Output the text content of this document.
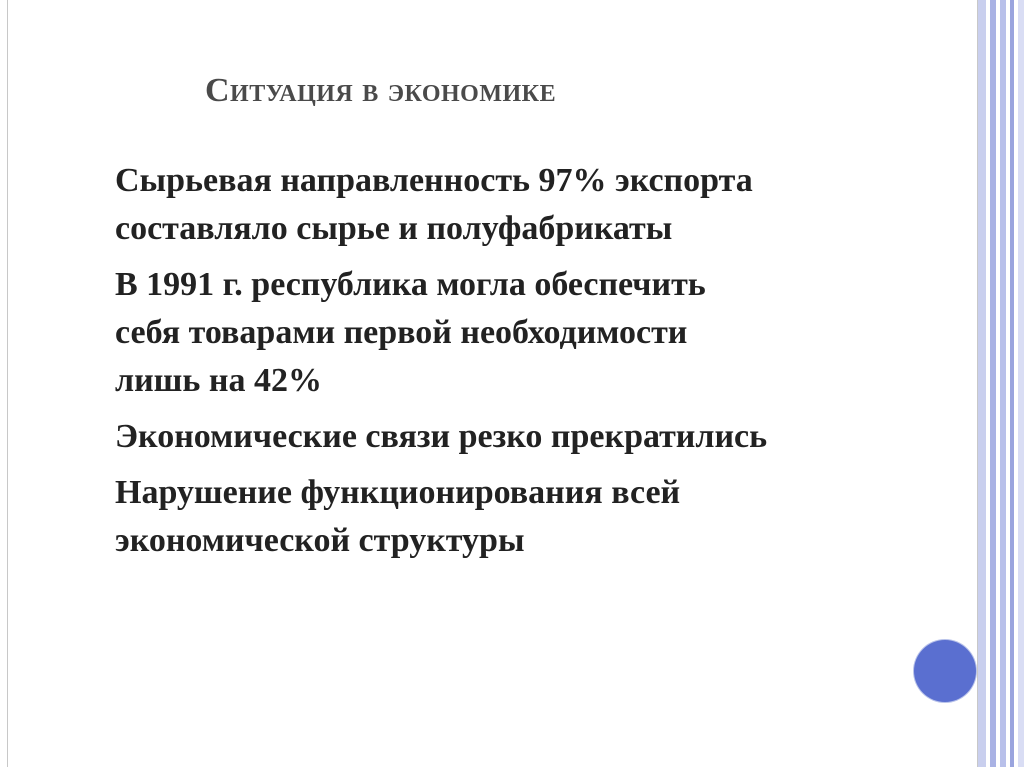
Ситуация в экономике
Сырьевая направленность 97% экспорта
составляло сырье и полуфабрикаты
В 1991 г. республика могла обеспечить
себя товарами первой необходимости
лишь на 42%
Экономические связи резко прекратились
Нарушение функционирования всей
экономической структуры
